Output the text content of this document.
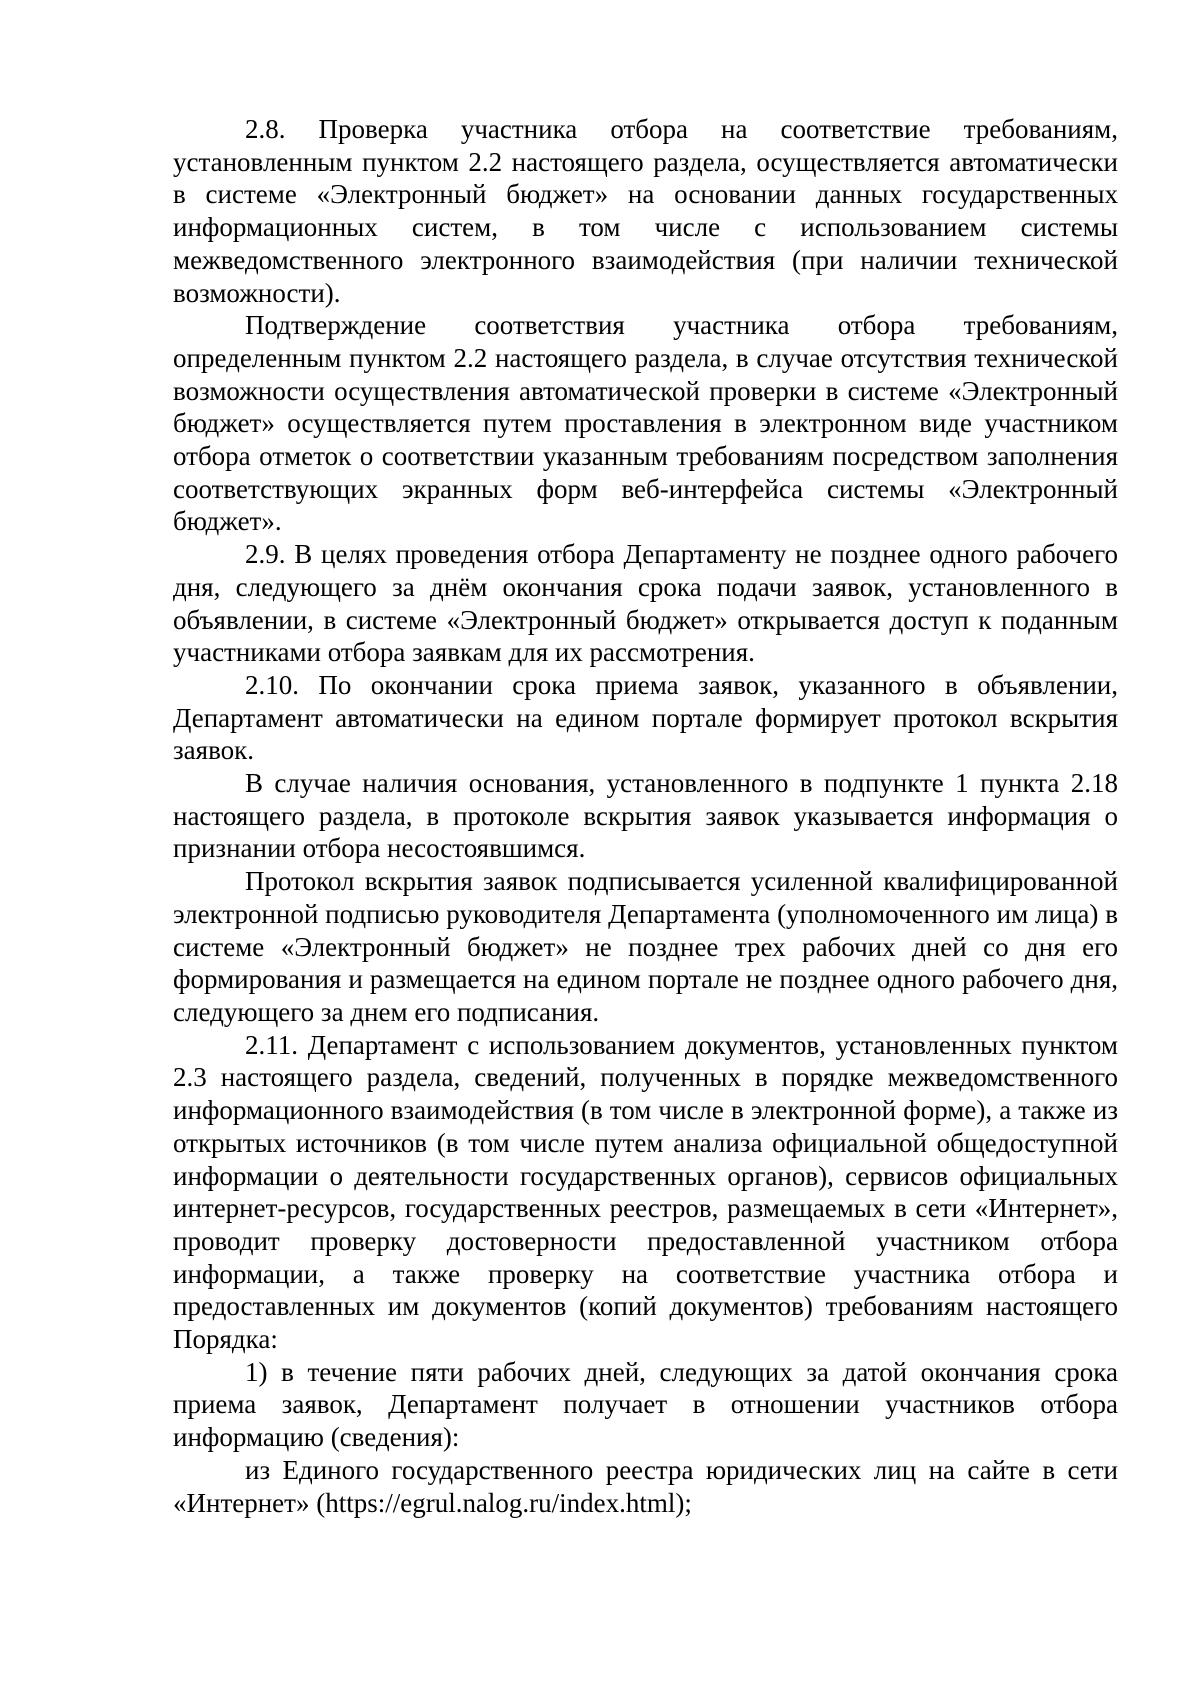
2.8. Проверка участника отбора на соответствие требованиям, установленным пунктом 2.2 настоящего раздела, осуществляется автоматически в системе «Электронный бюджет» на основании данных государственных информационных систем, в том числе с использованием системы межведомственного электронного взаимодействия (при наличии технической возможности).

Подтверждение соответствия участника отбора требованиям, определенным пунктом 2.2 настоящего раздела, в случае отсутствия технической возможности осуществления автоматической проверки в системе «Электронный бюджет» осуществляется путем проставления в электронном виде участником отбора отметок о соответствии указанным требованиям посредством заполнения соответствующих экранных форм веб-интерфейса системы «Электронный бюджет».

2.9. В целях проведения отбора Департаменту не позднее одного рабочего дня, следующего за днём окончания срока подачи заявок, установленного в объявлении, в системе «Электронный бюджет» открывается доступ к поданным участниками отбора заявкам для их рассмотрения.

2.10. По окончании срока приема заявок, указанного в объявлении, Департамент автоматически на едином портале формирует протокол вскрытия заявок.

В случае наличия основания, установленного в подпункте 1 пункта 2.18 настоящего раздела, в протоколе вскрытия заявок указывается информация о признании отбора несостоявшимся.

Протокол вскрытия заявок подписывается усиленной квалифицированной электронной подписью руководителя Департамента (уполномоченного им лица) в системе «Электронный бюджет» не позднее трех рабочих дней со дня его формирования и размещается на едином портале не позднее одного рабочего дня, следующего за днем его подписания.

2.11. Департамент с использованием документов, установленных пунктом 2.3 настоящего раздела, сведений, полученных в порядке межведомственного информационного взаимодействия (в том числе в электронной форме), а также из открытых источников (в том числе путем анализа официальной общедоступной информации о деятельности государственных органов), сервисов официальных интернет-ресурсов, государственных реестров, размещаемых в сети «Интернет», проводит проверку достоверности предоставленной участником отбора информации, а также проверку на соответствие участника отбора и предоставленных им документов (копий документов) требованиям настоящего Порядка:

1) в течение пяти рабочих дней, следующих за датой окончания срока приема заявок, Департамент получает в отношении участников отбора информацию (сведения):

из Единого государственного реестра юридических лиц на сайте в сети «Интернет» (https://egrul.nalog.ru/index.html);
